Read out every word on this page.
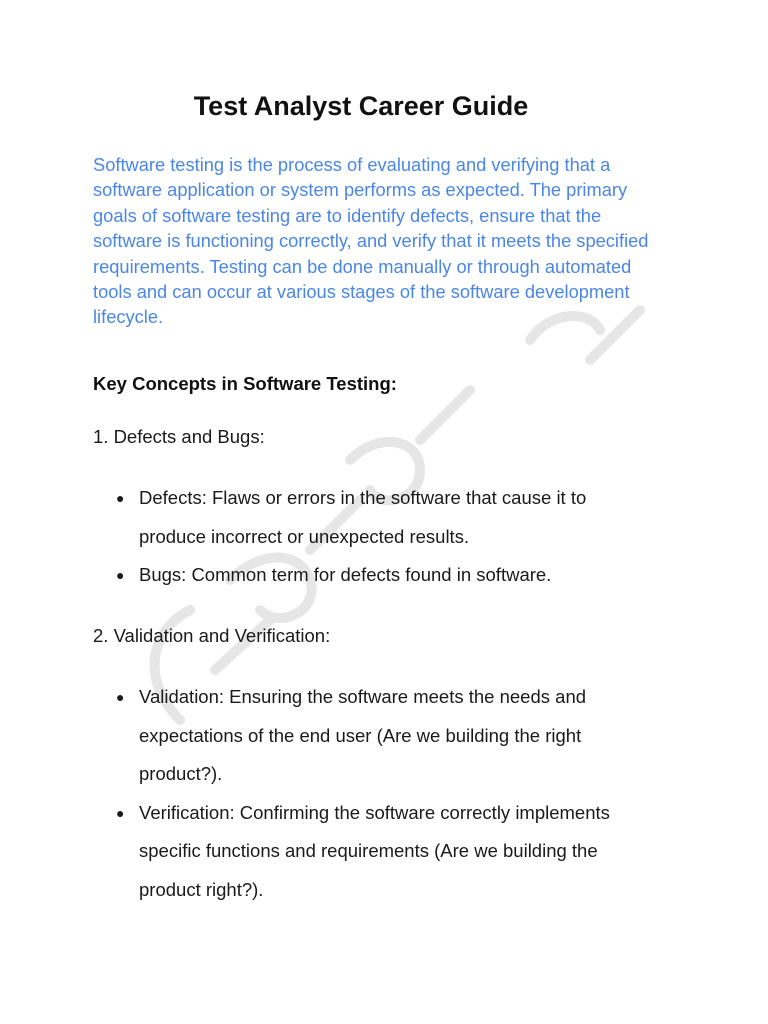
Test Analyst Career Guide

Software testing is the process of evaluating and verifying that a software application or system performs as expected. The primary goals of software testing are to identify defects, ensure that the software is functioning correctly, and verify that it meets the specified requirements. Testing can be done manually or through automated tools and can occur at various stages of the software development lifecycle.

Key Concepts in Software Testing:

1. Defects and Bugs:

● Defects: Flaws or errors in the software that cause it to produce incorrect or unexpected results.
● Bugs: Common term for defects found in software.

2. Validation and Verification:

● Validation: Ensuring the software meets the needs and expectations of the end user (Are we building the right product?).
● Verification: Confirming the software correctly implements specific functions and requirements (Are we building the product right?).
